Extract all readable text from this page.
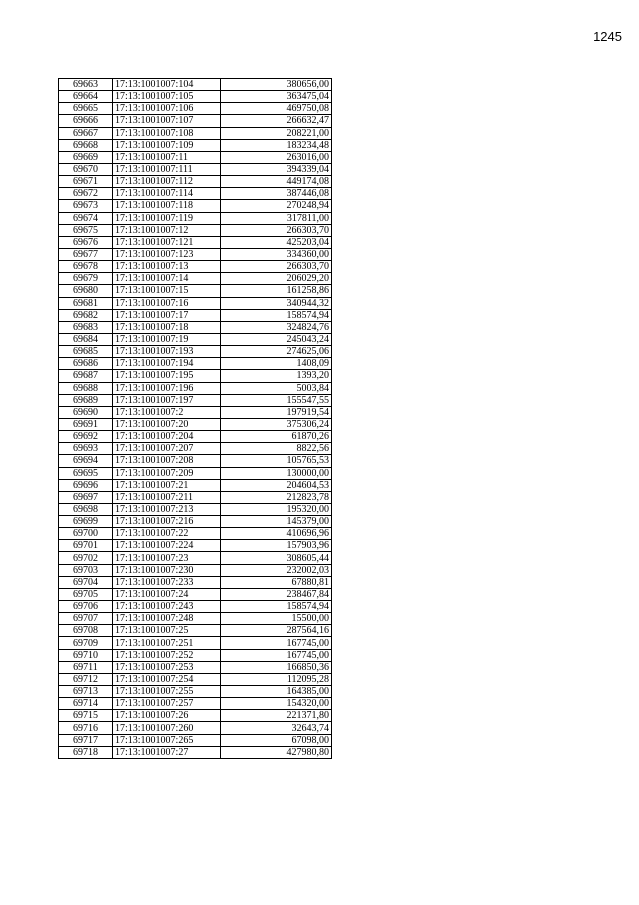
1245
69663	17:13:1001007:104	380656,00
69664	17:13:1001007:105	363475,04
69665	17:13:1001007:106	469750,08
69666	17:13:1001007:107	266632,47
69667	17:13:1001007:108	208221,00
69668	17:13:1001007:109	183234,48
69669	17:13:1001007:11	263016,00
69670	17:13:1001007:111	394339,04
69671	17:13:1001007:112	449174,08
69672	17:13:1001007:114	387446,08
69673	17:13:1001007:118	270248,94
69674	17:13:1001007:119	317811,00
69675	17:13:1001007:12	266303,70
69676	17:13:1001007:121	425203,04
69677	17:13:1001007:123	334360,00
69678	17:13:1001007:13	266303,70
69679	17:13:1001007:14	206029,20
69680	17:13:1001007:15	161258,86
69681	17:13:1001007:16	340944,32
69682	17:13:1001007:17	158574,94
69683	17:13:1001007:18	324824,76
69684	17:13:1001007:19	245043,24
69685	17:13:1001007:193	274625,06
69686	17:13:1001007:194	1408,09
69687	17:13:1001007:195	1393,20
69688	17:13:1001007:196	5003,84
69689	17:13:1001007:197	155547,55
69690	17:13:1001007:2	197919,54
69691	17:13:1001007:20	375306,24
69692	17:13:1001007:204	61870,26
69693	17:13:1001007:207	8822,56
69694	17:13:1001007:208	105765,53
69695	17:13:1001007:209	130000,00
69696	17:13:1001007:21	204604,53
69697	17:13:1001007:211	212823,78
69698	17:13:1001007:213	195320,00
69699	17:13:1001007:216	145379,00
69700	17:13:1001007:22	410696,96
69701	17:13:1001007:224	157903,96
69702	17:13:1001007:23	308605,44
69703	17:13:1001007:230	232002,03
69704	17:13:1001007:233	67880,81
69705	17:13:1001007:24	238467,84
69706	17:13:1001007:243	158574,94
69707	17:13:1001007:248	15500,00
69708	17:13:1001007:25	287564,16
69709	17:13:1001007:251	167745,00
69710	17:13:1001007:252	167745,00
69711	17:13:1001007:253	166850,36
69712	17:13:1001007:254	112095,28
69713	17:13:1001007:255	164385,00
69714	17:13:1001007:257	154320,00
69715	17:13:1001007:26	221371,80
69716	17:13:1001007:260	32643,74
69717	17:13:1001007:265	67098,00
69718	17:13:1001007:27	427980,80
